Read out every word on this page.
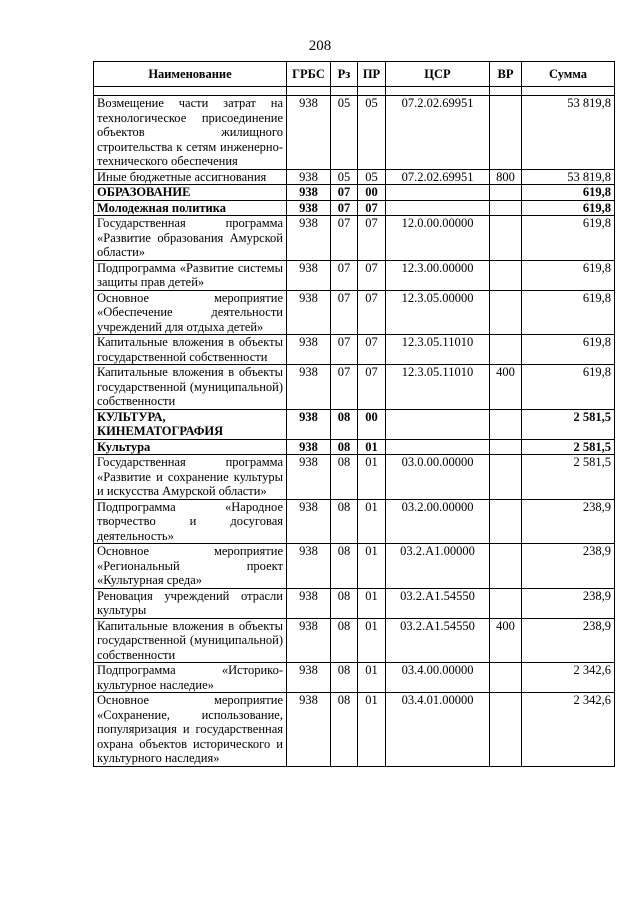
208
Наименование	ГРБС	Рз	ПР	ЦСР	ВР	Сумма

Возмещение части затрат на технологическое присоединение объектов жилищного строительства к сетям инженерно-технического обеспечения	938	05	05	07.2.02.69951		53 819,8
Иные бюджетные ассигнования	938	05	05	07.2.02.69951	800	53 819,8
ОБРАЗОВАНИЕ	938	07	00			619,8
Молодежная политика	938	07	07			619,8
Государственная программа «Развитие образования Амурской области»	938	07	07	12.0.00.00000		619,8
Подпрограмма «Развитие системы защиты прав детей»	938	07	07	12.3.00.00000		619,8
Основное мероприятие «Обеспечение деятельности учреждений для отдыха детей»	938	07	07	12.3.05.00000		619,8
Капитальные вложения в объекты государственной собственности	938	07	07	12.3.05.11010		619,8
Капитальные вложения в объекты государственной (муниципальной) собственности	938	07	07	12.3.05.11010	400	619,8
КУЛЬТУРА, КИНЕМАТОГРАФИЯ	938	08	00			2 581,5
Культура	938	08	01			2 581,5
Государственная программа «Развитие и сохранение культуры и искусства Амурской области»	938	08	01	03.0.00.00000		2 581,5
Подпрограмма «Народное творчество и досуговая деятельность»	938	08	01	03.2.00.00000		238,9
Основное мероприятие «Региональный проект «Культурная среда»	938	08	01	03.2.А1.00000		238,9
Реновация учреждений отрасли культуры	938	08	01	03.2.А1.54550		238,9
Капитальные вложения в объекты государственной (муниципальной) собственности	938	08	01	03.2.А1.54550	400	238,9
Подпрограмма «Историко-культурное наследие»	938	08	01	03.4.00.00000		2 342,6
Основное мероприятие «Сохранение, использование, популяризация и государственная охрана объектов исторического и культурного наследия»	938	08	01	03.4.01.00000		2 342,6
